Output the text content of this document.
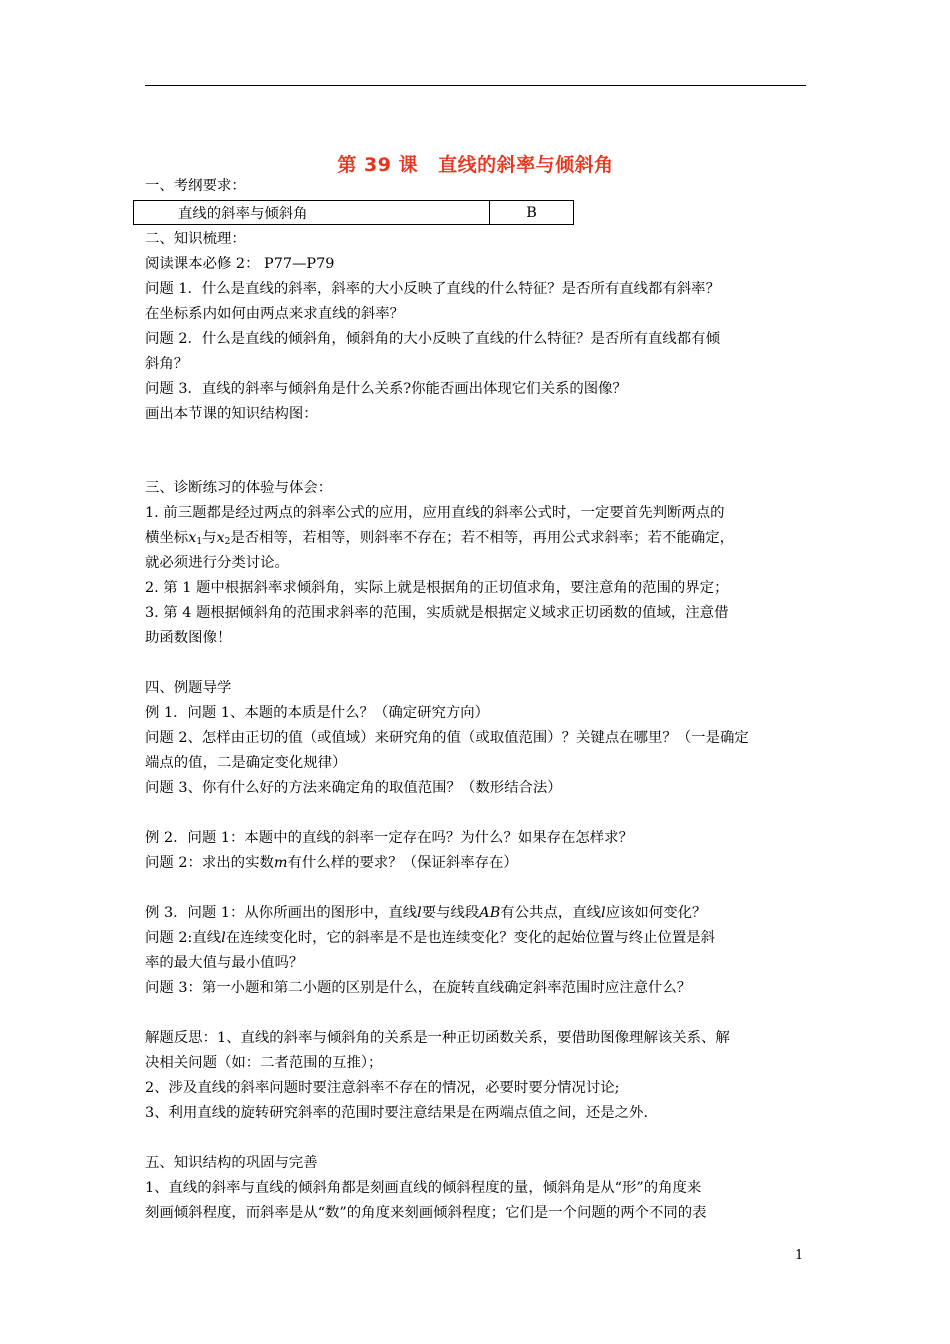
第 39 课 直线的斜率与倾斜角
一、考纲要求：
直线的斜率与倾斜角	B
二、知识梳理：
阅读课本必修 2： P77—P79
问题 1．什么是直线的斜率，斜率的大小反映了直线的什么特征？是否所有直线都有斜率？
在坐标系内如何由两点来求直线的斜率？
问题 2．什么是直线的倾斜角，倾斜角的大小反映了直线的什么特征？是否所有直线都有倾
斜角？
问题 3．直线的斜率与倾斜角是什么关系?你能否画出体现它们关系的图像？
画出本节课的知识结构图：
三、诊断练习的体验与体会：
1. 前三题都是经过两点的斜率公式的应用，应用直线的斜率公式时，一定要首先判断两点的
横坐标$x_1$与$x_2$是否相等，若相等，则斜率不存在；若不相等，再用公式求斜率；若不能确定，
就必须进行分类讨论。
2. 第 1 题中根据斜率求倾斜角，实际上就是根据角的正切值求角，要注意角的范围的界定；
3. 第 4 题根据倾斜角的范围求斜率的范围，实质就是根据定义域求正切函数的值域，注意借
助函数图像！
四、例题导学
例 1．问题 1、本题的本质是什么？（确定研究方向）
问题 2、怎样由正切的值（或值域）来研究角的值（或取值范围）？关键点在哪里？（一是确定
端点的值，二是确定变化规律）
问题 3、你有什么好的方法来确定角的取值范围？（数形结合法）
例 2．问题 1：本题中的直线的斜率一定存在吗？为什么？如果存在怎样求？
问题 2：求出的实数m有什么样的要求？（保证斜率存在）
例 3．问题 1：从你所画出的图形中，直线l要与线段AB有公共点，直线l应该如何变化？
问题 2:直线l在连续变化时，它的斜率是不是也连续变化？变化的起始位置与终止位置是斜
率的最大值与最小值吗？
问题 3：第一小题和第二小题的区别是什么，在旋转直线确定斜率范围时应注意什么？
解题反思：1、直线的斜率与倾斜角的关系是一种正切函数关系，要借助图像理解该关系、解
决相关问题（如：二者范围的互推）；
2、涉及直线的斜率问题时要注意斜率不存在的情况，必要时要分情况讨论;
3、利用直线的旋转研究斜率的范围时要注意结果是在两端点值之间，还是之外.
五、知识结构的巩固与完善
1、直线的斜率与直线的倾斜角都是刻画直线的倾斜程度的量，倾斜角是从“形”的角度来
刻画倾斜程度，而斜率是从“数”的角度来刻画倾斜程度；它们是一个问题的两个不同的表
1
